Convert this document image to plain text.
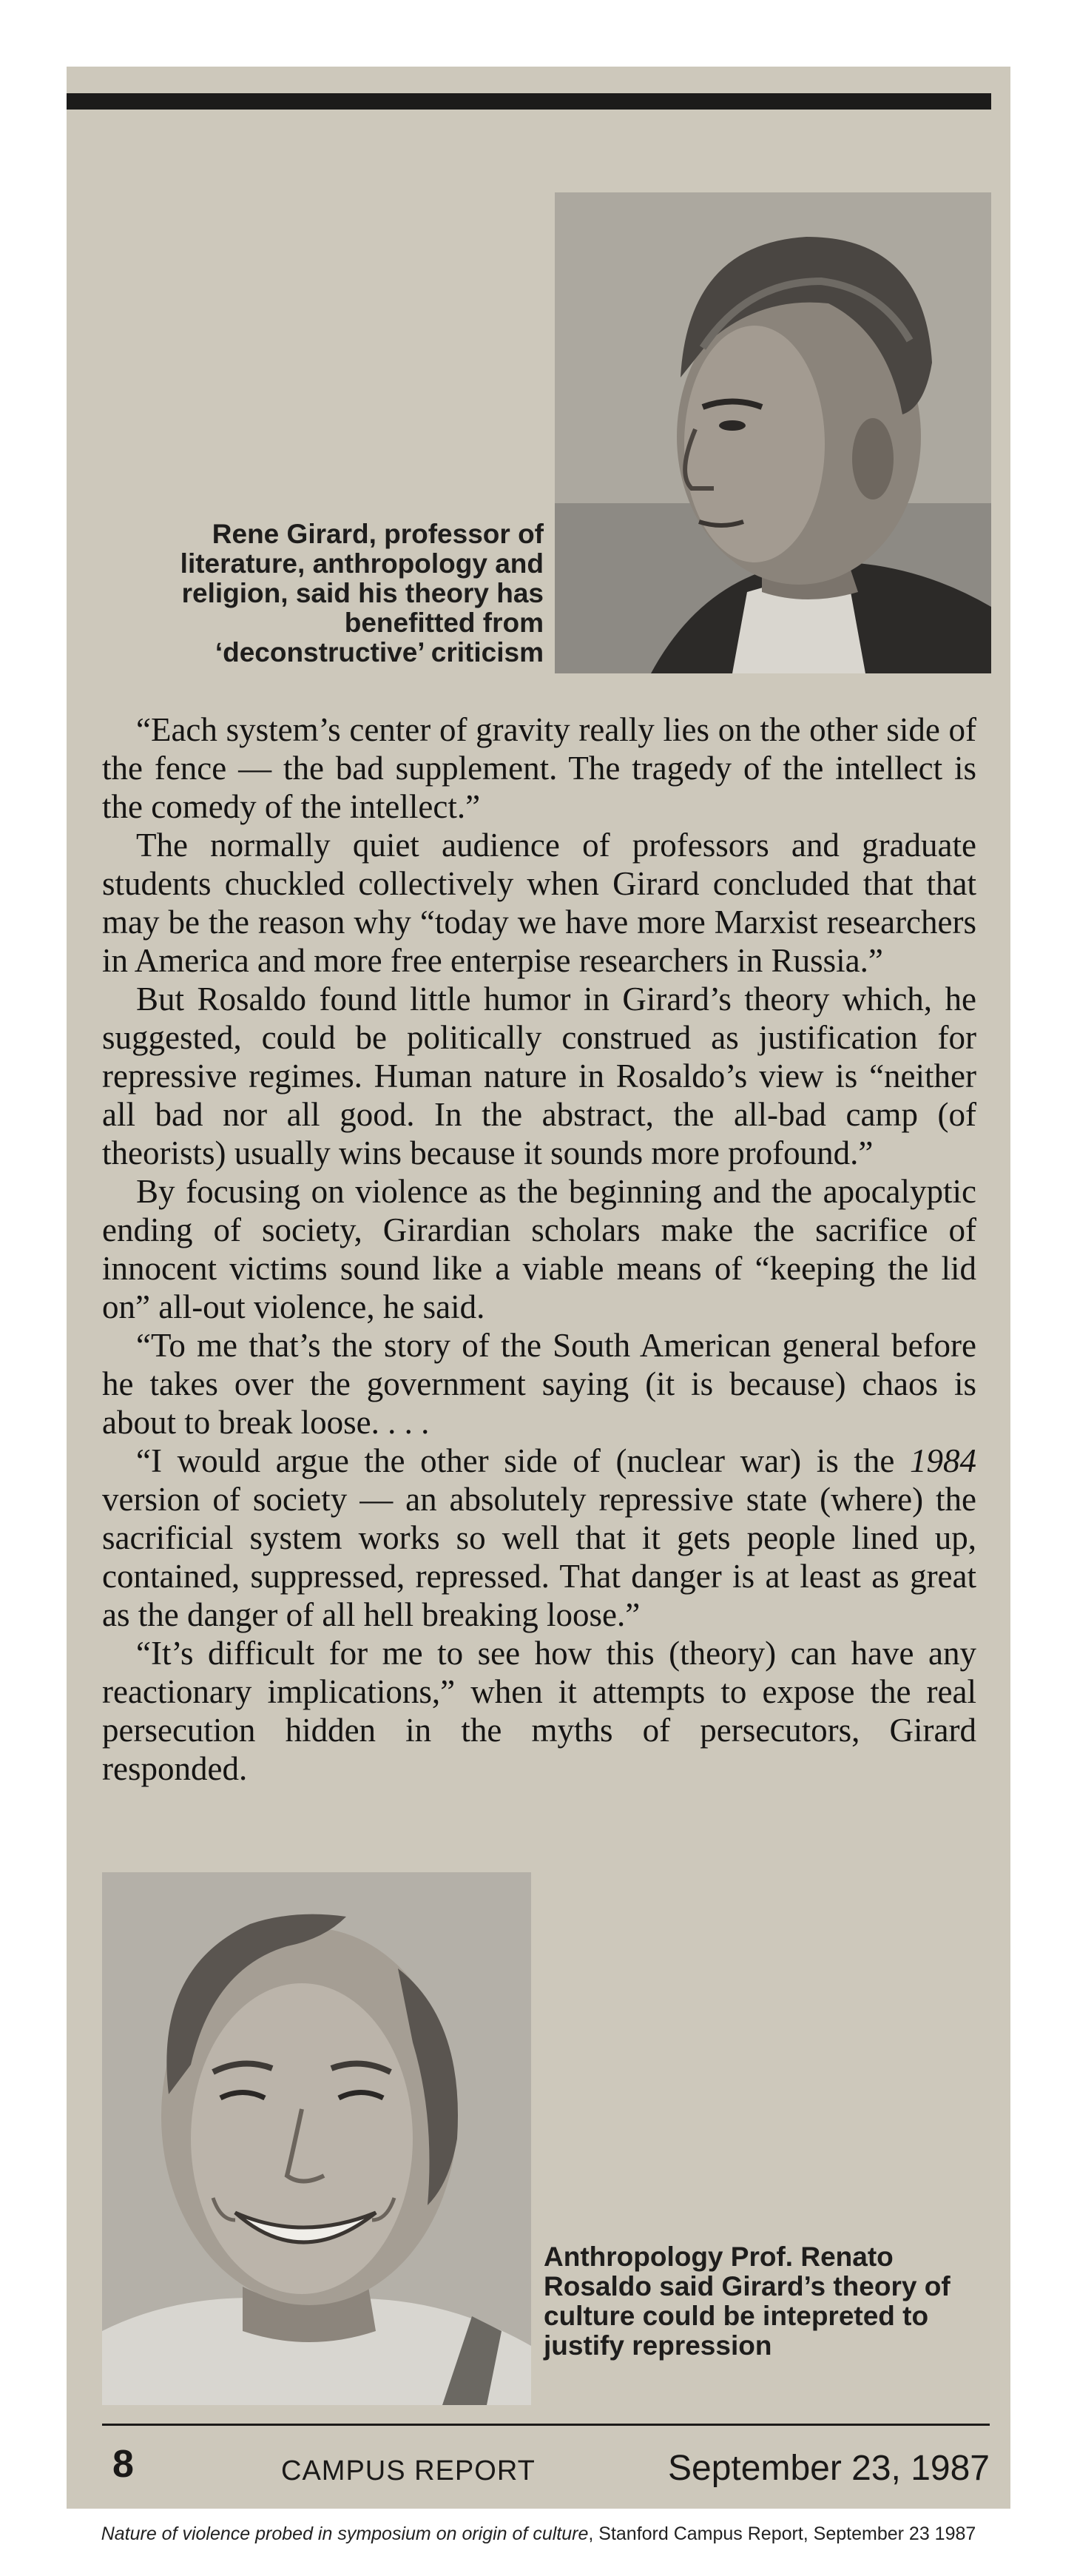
Rene Girard, professor of literature, anthropology and religion, said his theory has benefitted from ‘deconstructive’ criticism

“Each system’s center of gravity really lies on the other side of the fence — the bad supplement. The tragedy of the intellect is the comedy of the intellect.”

The normally quiet audience of professors and graduate students chuckled collectively when Girard concluded that that may be the reason why “today we have more Marxist researchers in America and more free enterpise researchers in Russia.”

But Rosaldo found little humor in Girard’s theory which, he suggested, could be politically construed as justification for repressive regimes. Human nature in Rosaldo’s view is “neither all bad nor all good. In the abstract, the all-bad camp (of theorists) usually wins because it sounds more profound.”

By focusing on violence as the beginning and the apocalyptic ending of society, Girardian scholars make the sacrifice of innocent victims sound like a viable means of “keeping the lid on” all-out violence, he said.

“To me that’s the story of the South American general before he takes over the government saying (it is because) chaos is about to break loose. . . .

“I would argue the other side of (nuclear war) is the 1984 version of society — an absolutely repressive state (where) the sacrificial system works so well that it gets people lined up, contained, suppressed, repressed. That danger is at least as great as the danger of all hell breaking loose.”

“It’s difficult for me to see how this (theory) can have any reactionary implications,” when it attempts to expose the real persecution hidden in the myths of persecutors, Girard responded.

Anthropology Prof. Renato Rosaldo said Girard’s theory of culture could be intepreted to justify repression
8	CAMPUS REPORT	September 23, 1987
Nature of violence probed in symposium on origin of culture, Stanford Campus Report, September 23 1987
